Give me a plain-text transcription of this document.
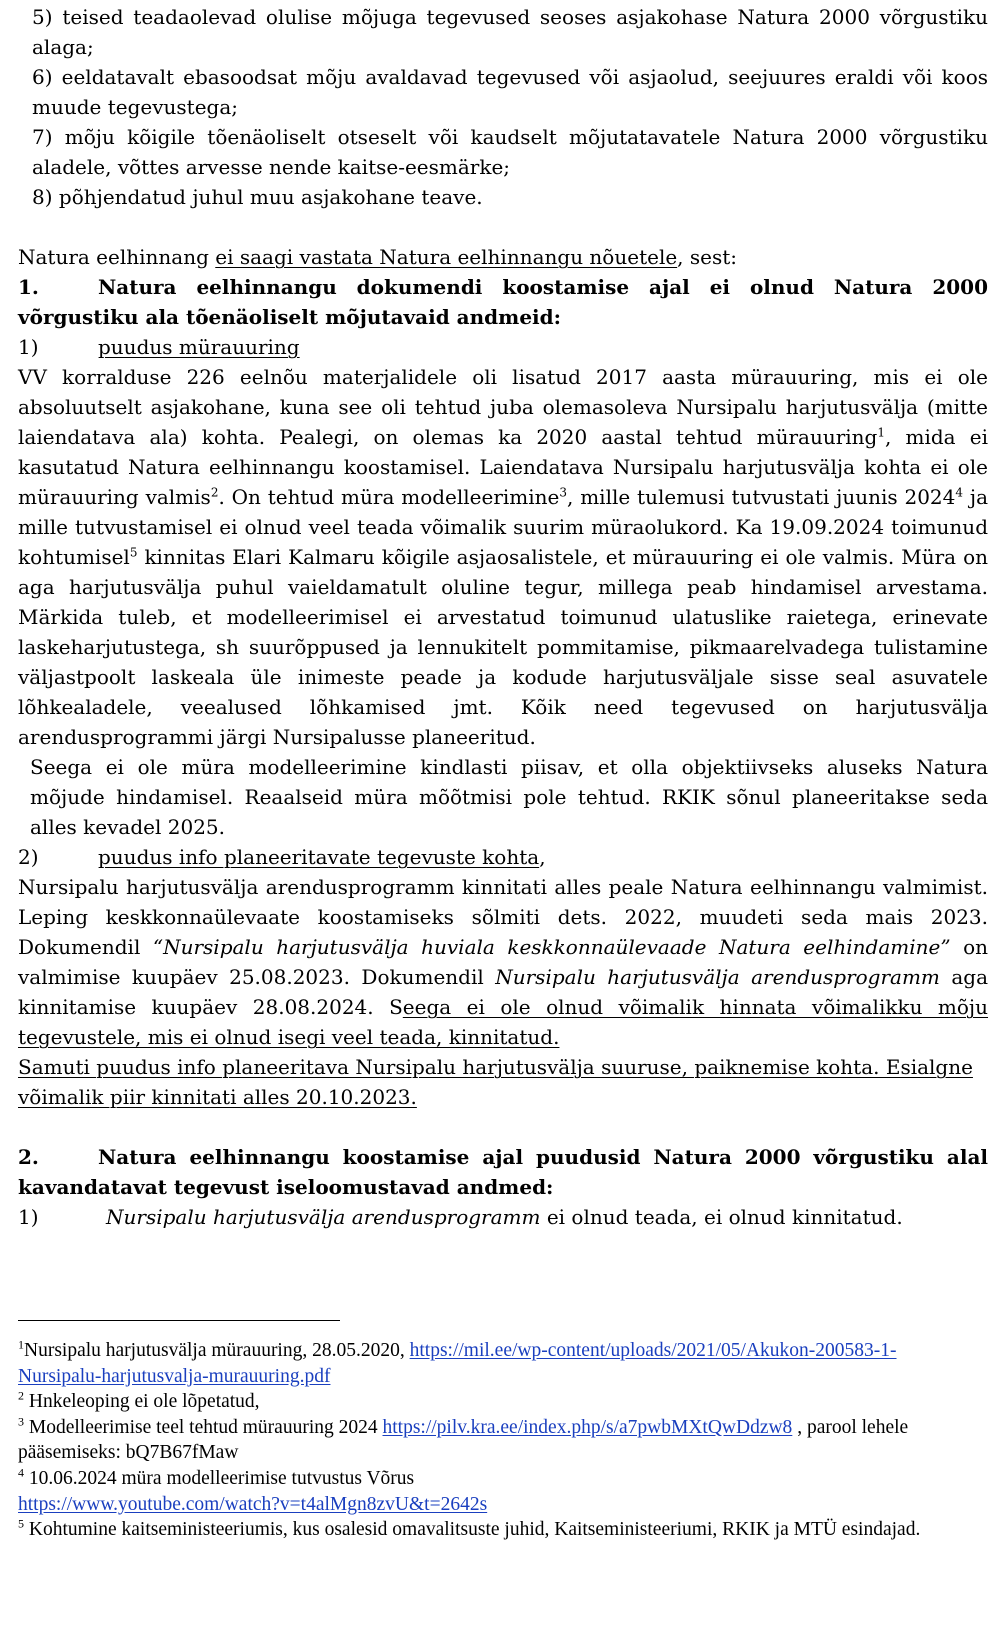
5) teised teadaolevad olulise mõjuga tegevused seoses asjakohase Natura 2000 võrgustiku alaga;

6) eeldatavalt ebasoodsat mõju avaldavad tegevused või asjaolud, seejuures eraldi või koos muude tegevustega;

7) mõju kõigile tõenäoliselt otseselt või kaudselt mõjutatavatele Natura 2000 võrgustiku aladele, võttes arvesse nende kaitse-eesmärke;

8) põhjendatud juhul muu asjakohane teave.

Natura eelhinnang ei saagi vastata Natura eelhinnangu nõuetele, sest:

1.	Natura eelhinnangu dokumendi koostamise ajal ei olnud Natura 2000 võrgustiku ala tõenäoliselt mõjutavaid andmeid:

1)	puudus mürauuring

VV korralduse 226 eelnõu materjalidele oli lisatud 2017 aasta mürauuring, mis ei ole absoluutselt asjakohane, kuna see oli tehtud juba olemasoleva Nursipalu harjutusvälja (mitte laiendatava ala) kohta. Pealegi, on olemas ka 2020 aastal tehtud mürauuring$^1$, mida ei kasutatud Natura eelhinnangu koostamisel. Laiendatava Nursipalu harjutusvälja kohta ei ole mürauuring valmis$^2$. On tehtud müra modelleerimine$^3$, mille tulemusi tutvustati juunis 2024$^4$ ja mille tutvustamisel ei olnud veel teada võimalik suurim müraolukord. Ka 19.09.2024 toimunud kohtumisel$^5$ kinnitas Elari Kalmaru kõigile asjaosalistele, et mürauuring ei ole valmis. Müra on aga harjutusvälja puhul vaieldamatult oluline tegur, millega peab hindamisel arvestama. Märkida tuleb, et modelleerimisel ei arvestatud toimunud ulatuslike raietega, erinevate laskeharjutustega, sh suurõppused ja lennukitelt pommitamise, pikmaarelvadega tulistamine väljastpoolt laskeala üle inimeste peade ja kodude harjutusväljale sisse seal asuvatele lõhkealadele, veealused lõhkamised jmt. Kõik need tegevused on harjutusvälja arendusprogrammi järgi Nursipalusse planeeritud.

Seega ei ole müra modelleerimine kindlasti piisav, et olla objektiivseks aluseks Natura mõjude hindamisel. Reaalseid müra mõõtmisi pole tehtud. RKIK sõnul planeeritakse seda alles kevadel 2025.

2)	puudus info planeeritavate tegevuste kohta,

Nursipalu harjutusvälja arendusprogramm kinnitati alles peale Natura eelhinnangu valmimist. Leping keskkonnaülevaate koostamiseks sõlmiti dets. 2022, muudeti seda mais 2023. Dokumendil “Nursipalu harjutusvälja huviala keskkonnaülevaade Natura eelhindamine” on valmimise kuupäev 25.08.2023. Dokumendil Nursipalu harjutusvälja arendusprogramm aga kinnitamise kuupäev 28.08.2024. Seega ei ole olnud võimalik hinnata võimalikku mõju tegevustele, mis ei olnud isegi veel teada, kinnitatud.

Samuti puudus info planeeritava Nursipalu harjutusvälja suuruse, paiknemise kohta. Esialgne võimalik piir kinnitati alles 20.10.2023.

2.	Natura eelhinnangu koostamise ajal puudusid Natura 2000 võrgustiku alal kavandatavat tegevust iseloomustavad andmed:

1)	Nursipalu harjutusvälja arendusprogramm ei olnud teada, ei olnud kinnitatud.

$^1$Nursipalu harjutusvälja mürauuring, 28.05.2020, https://mil.ee/wp-content/uploads/2021/05/Akukon-200583-1-Nursipalu-harjutusvalja-murauuring.pdf
$^2$ Hnkeleoping ei ole lõpetatud,
$^3$ Modelleerimise teel tehtud mürauuring 2024 https://pilv.kra.ee/index.php/s/a7pwbMXtQwDdzw8 , parool lehele pääsemiseks: bQ7B67fMaw
$^4$ 10.06.2024 müra modelleerimise tutvustus Võrus
https://www.youtube.com/watch?v=t4alMgn8zvU&t=2642s
$^5$ Kohtumine kaitseministeeriumis, kus osalesid omavalitsuste juhid, Kaitseministeeriumi, RKIK ja MTÜ esindajad.
